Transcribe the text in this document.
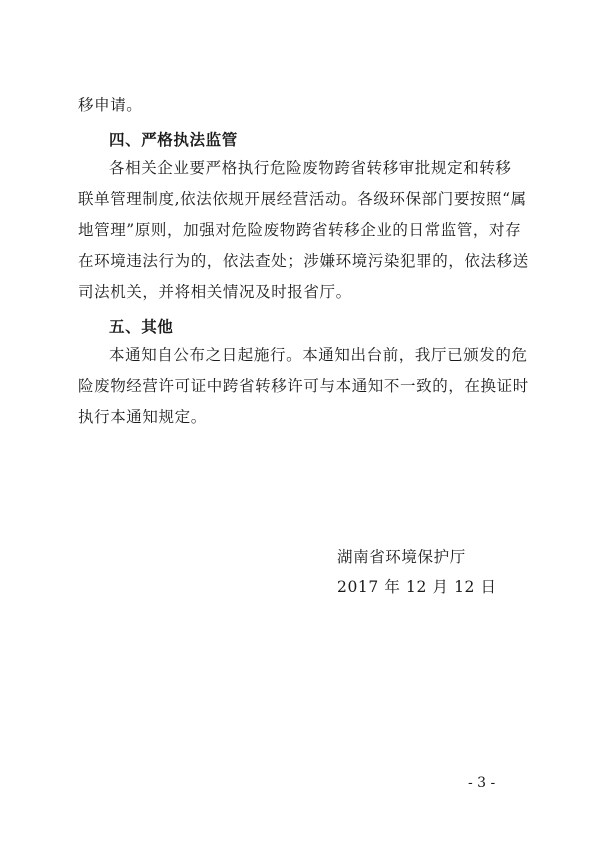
移申请。
四、严格执法监管
各相关企业要严格执行危险废物跨省转移审批规定和转移
联单管理制度,依法依规开展经营活动。各级环保部门要按照“属
地管理”原则，加强对危险废物跨省转移企业的日常监管，对存
在环境违法行为的，依法查处；涉嫌环境污染犯罪的，依法移送
司法机关，并将相关情况及时报省厅。
五、其他
本通知自公布之日起施行。本通知出台前，我厅已颁发的危
险废物经营许可证中跨省转移许可与本通知不一致的，在换证时
执行本通知规定。
湖南省环境保护厅
2017 年 12 月 12 日
- 3 -
